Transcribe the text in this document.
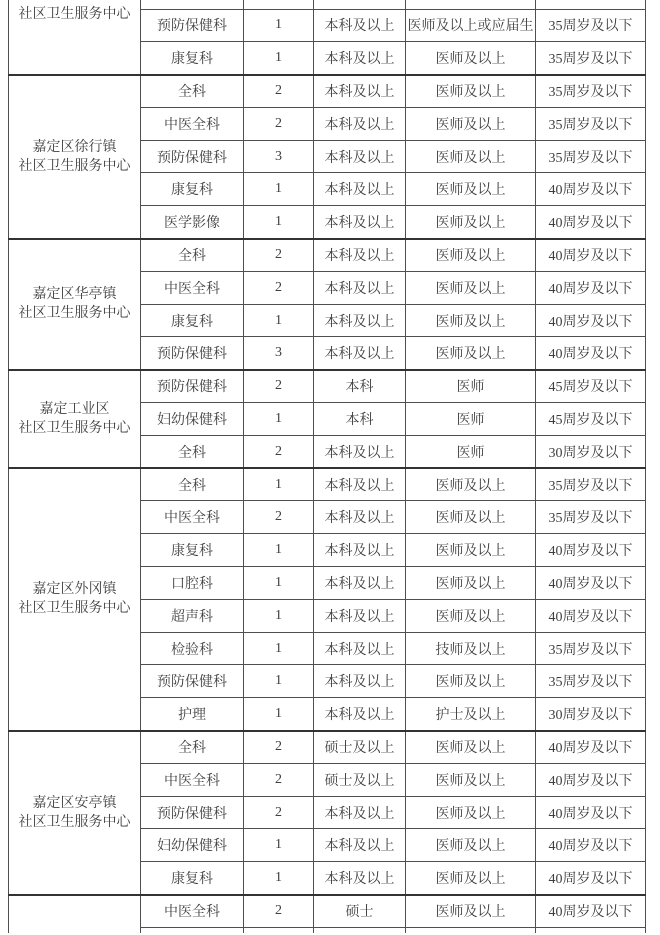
社区卫生服务中心					

	预防保健科	1	本科及以上	医师及以上或应届生	35周岁及以下
	康复科	1	本科及以上	医师及以上	35周岁及以下

嘉定区徐行镇
社区卫生服务中心	全科	2	本科及以上	医师及以上	35周岁及以下
	中医全科	2	本科及以上	医师及以上	35周岁及以下
	预防保健科	3	本科及以上	医师及以上	35周岁及以下
	康复科	1	本科及以上	医师及以上	40周岁及以下
	医学影像	1	本科及以上	医师及以上	40周岁及以下

嘉定区华亭镇
社区卫生服务中心	全科	2	本科及以上	医师及以上	40周岁及以下
	中医全科	2	本科及以上	医师及以上	40周岁及以下
	康复科	1	本科及以上	医师及以上	40周岁及以下
	预防保健科	3	本科及以上	医师及以上	40周岁及以下

嘉定工业区
社区卫生服务中心	预防保健科	2	本科	医师	45周岁及以下
	妇幼保健科	1	本科	医师	45周岁及以下
	全科	2	本科及以上	医师	30周岁及以下

嘉定区外冈镇
社区卫生服务中心	全科	1	本科及以上	医师及以上	35周岁及以下
	中医全科	2	本科及以上	医师及以上	35周岁及以下
	康复科	1	本科及以上	医师及以上	40周岁及以下
	口腔科	1	本科及以上	医师及以上	40周岁及以下
	超声科	1	本科及以上	医师及以上	40周岁及以下
	检验科	1	本科及以上	技师及以上	35周岁及以下
	预防保健科	1	本科及以上	医师及以上	35周岁及以下
	护理	1	本科及以上	护士及以上	30周岁及以下

嘉定区安亭镇
社区卫生服务中心	全科	2	硕士及以上	医师及以上	40周岁及以下
	中医全科	2	硕士及以上	医师及以上	40周岁及以下
	预防保健科	2	本科及以上	医师及以上	40周岁及以下
	妇幼保健科	1	本科及以上	医师及以上	40周岁及以下
	康复科	1	本科及以上	医师及以上	40周岁及以下
	中医全科	2	硕士	医师及以上	40周岁及以下
